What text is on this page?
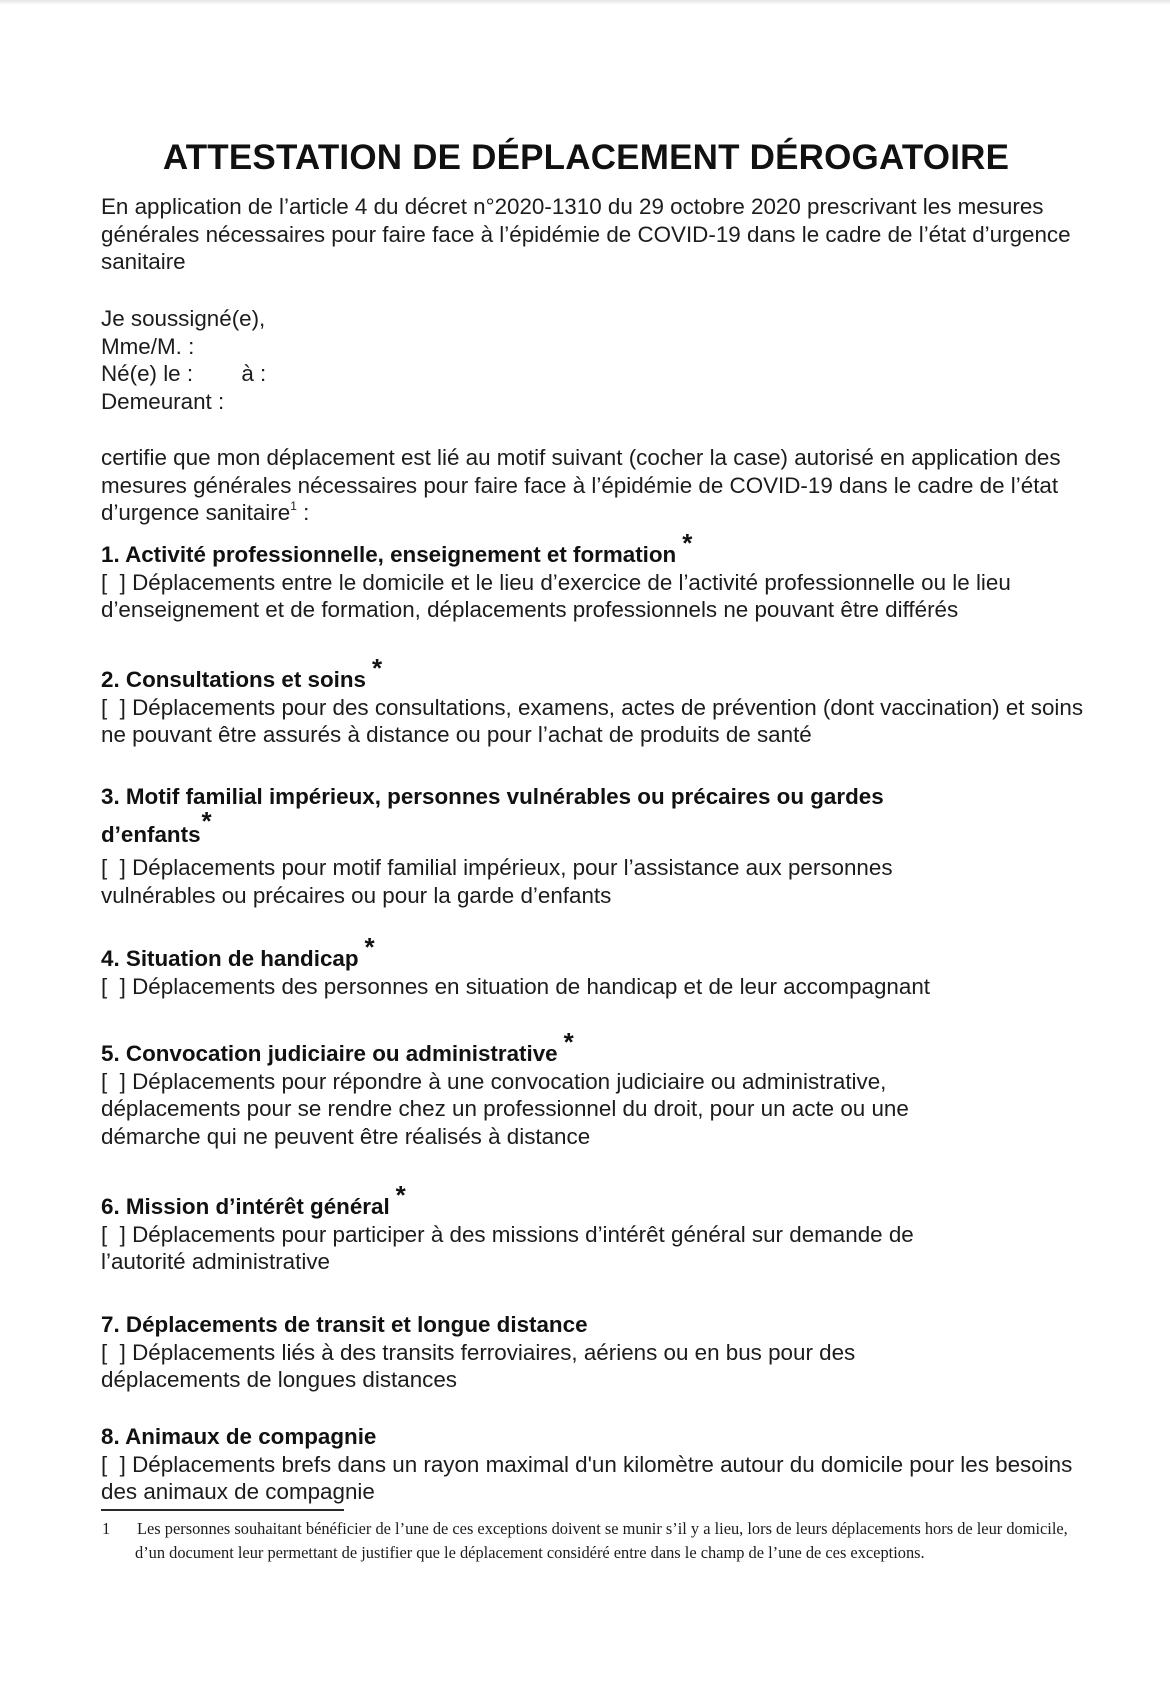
ATTESTATION DE DÉPLACEMENT DÉROGATOIRE

En application de l’article 4 du décret n°2020-1310 du 29 octobre 2020 prescrivant les mesures générales nécessaires pour faire face à l’épidémie de COVID-19 dans le cadre de l’état d’urgence sanitaire

Je soussigné(e),
Mme/M. :
Né(e) le : à :
Demeurant :

certifie que mon déplacement est lié au motif suivant (cocher la case) autorisé en application des mesures générales nécessaires pour faire face à l’épidémie de COVID-19 dans le cadre de l’état d’urgence sanitaire$^1$ :

1. Activité professionnelle, enseignement et formation *

[  ] Déplacements entre le domicile et le lieu d’exercice de l’activité professionnelle ou le lieu d’enseignement et de formation, déplacements professionnels ne pouvant être différés

2. Consultations et soins *

[  ] Déplacements pour des consultations, examens, actes de prévention (dont vaccination) et soins ne pouvant être assurés à distance ou pour l’achat de produits de santé

3. Motif familial impérieux, personnes vulnérables ou précaires ou gardes d’enfants*

[  ] Déplacements pour motif familial impérieux, pour l’assistance aux personnes vulnérables ou précaires ou pour la garde d’enfants

4. Situation de handicap *

[  ] Déplacements des personnes en situation de handicap et de leur accompagnant

5. Convocation judiciaire ou administrative *

[  ] Déplacements pour répondre à une convocation judiciaire ou administrative, déplacements pour se rendre chez un professionnel du droit, pour un acte ou une démarche qui ne peuvent être réalisés à distance

6. Mission d’intérêt général *

[  ] Déplacements pour participer à des missions d’intérêt général sur demande de l’autorité administrative

7. Déplacements de transit et longue distance

[  ] Déplacements liés à des transits ferroviaires, aériens ou en bus pour des déplacements de longues distances

8. Animaux de compagnie

[  ] Déplacements brefs dans un rayon maximal d'un kilomètre autour du domicile pour les besoins des animaux de compagnie

1 Les personnes souhaitant bénéficier de l’une de ces exceptions doivent se munir s’il y a lieu, lors de leurs déplacements hors de leur domicile, d’un document leur permettant de justifier que le déplacement considéré entre dans le champ de l’une de ces exceptions.
